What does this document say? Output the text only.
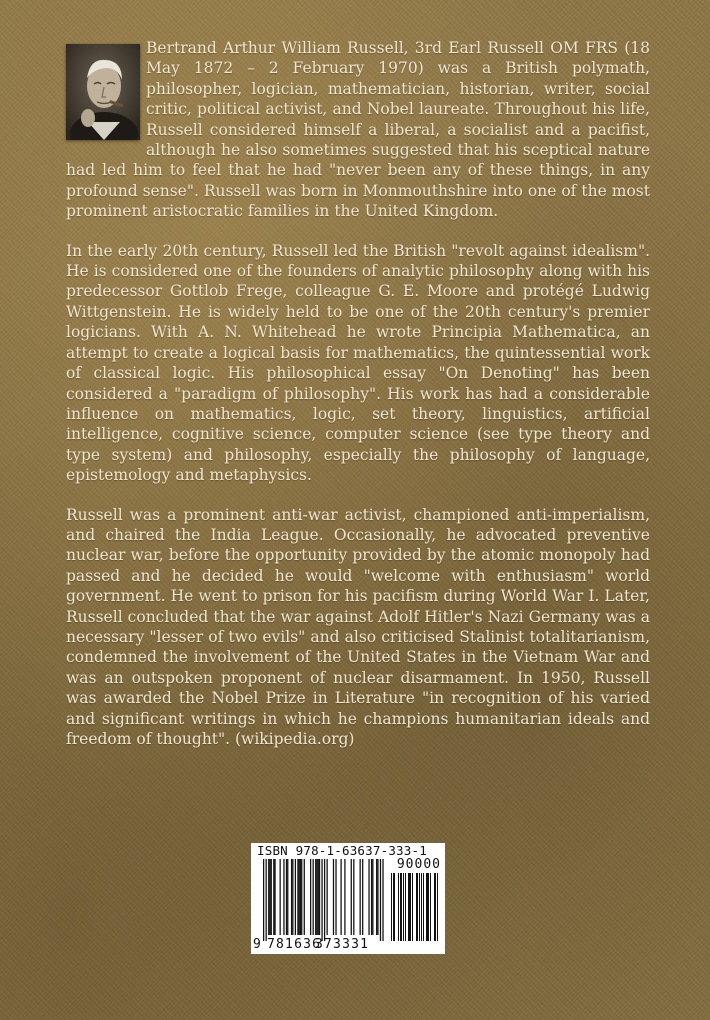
Bertrand Arthur William Russell, 3rd Earl Russell OM FRS (18 May 1872 – 2 February 1970) was a British polymath, philosopher, logician, mathematician, historian, writer, social critic, political activist, and Nobel laureate. Throughout his life, Russell considered himself a liberal, a socialist and a pacifist, although he also sometimes suggested that his sceptical nature had led him to feel that he had "never been any of these things, in any profound sense". Russell was born in Monmouthshire into one of the most prominent aristocratic families in the United Kingdom.

In the early 20th century, Russell led the British "revolt against idealism". He is considered one of the founders of analytic philosophy along with his predecessor Gottlob Frege, colleague G. E. Moore and protégé Ludwig Wittgenstein. He is widely held to be one of the 20th century's premier logicians. With A. N. Whitehead he wrote Principia Mathematica, an attempt to create a logical basis for mathematics, the quintessential work of classical logic. His philosophical essay "On Denoting" has been considered a "paradigm of philosophy". His work has had a considerable influence on mathematics, logic, set theory, linguistics, artificial intelligence, cognitive science, computer science (see type theory and type system) and philosophy, especially the philosophy of language, epistemology and metaphysics.

Russell was a prominent anti-war activist, championed anti-imperialism, and chaired the India League. Occasionally, he advocated preventive nuclear war, before the opportunity provided by the atomic monopoly had passed and he decided he would "welcome with enthusiasm" world government. He went to prison for his pacifism during World War I. Later, Russell concluded that the war against Adolf Hitler's Nazi Germany was a necessary "lesser of two evils" and also criticised Stalinist totalitarianism, condemned the involvement of the United States in the Vietnam War and was an outspoken proponent of nuclear disarmament. In 1950, Russell was awarded the Nobel Prize in Literature "in recognition of his varied and significant writings in which he champions humanitarian ideals and freedom of thought". (wikipedia.org)

ISBN 978-1-63637-333-1
90000
9 781636
373331
